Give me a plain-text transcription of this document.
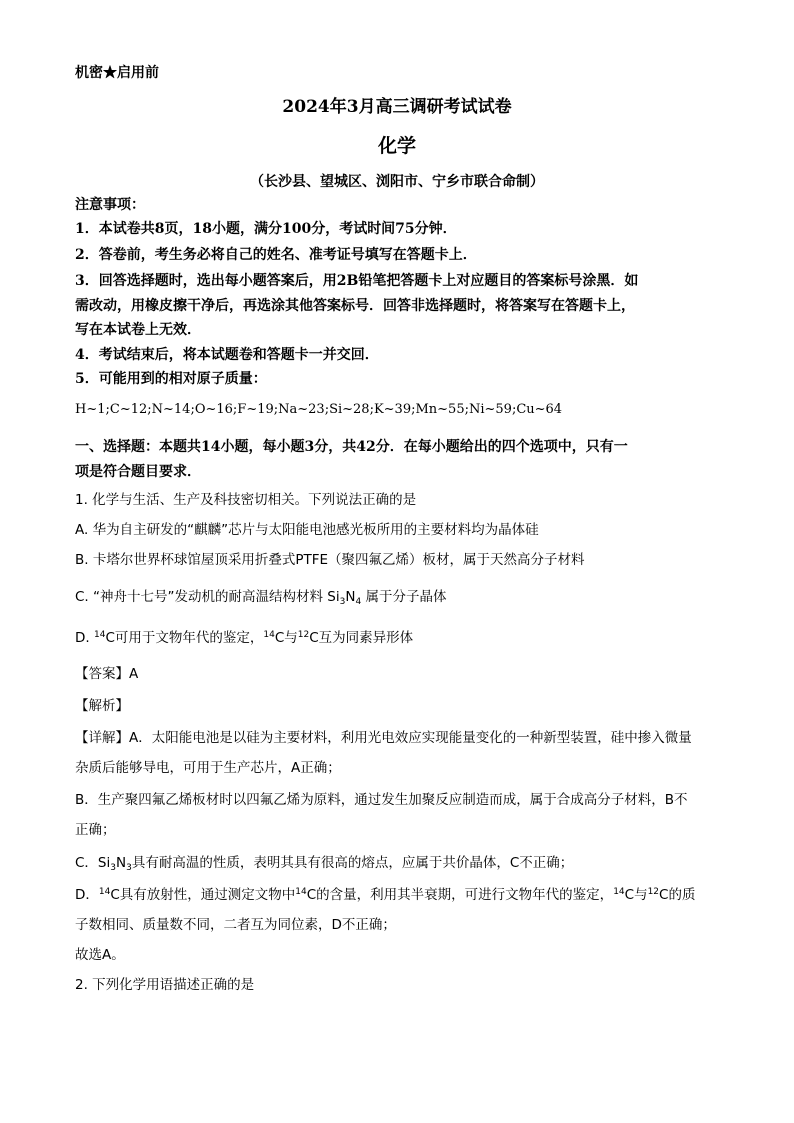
机密★启用前
2024年3月高三调研考试试卷
化学
（长沙县、望城区、浏阳市、宁乡市联合命制）
注意事项：
1．本试卷共8页，18小题，满分100分，考试时间75分钟．
2．答卷前，考生务必将自己的姓名、准考证号填写在答题卡上．
3．回答选择题时，选出每小题答案后，用2B铅笔把答题卡上对应题目的答案标号涂黑．如
需改动，用橡皮擦干净后，再选涂其他答案标号．回答非选择题时，将答案写在答题卡上，
写在本试卷上无效．
4．考试结束后，将本试题卷和答题卡一并交回．
5．可能用到的相对原子质量：
H~1;C~12;N~14;O~16;F~19;Na~23;Si~28;K~39;Mn~55;Ni~59;Cu~64
一、选择题：本题共14小题，每小题3分，共42分．在每小题给出的四个选项中，只有一
项是符合题目要求．
1. 化学与生活、生产及科技密切相关。下列说法正确的是
A. 华为自主研发的“麒麟”芯片与太阳能电池感光板所用的主要材料均为晶体硅
B. 卡塔尔世界杯球馆屋顶采用折叠式PTFE（聚四氟乙烯）板材，属于天然高分子材料
C. “神舟十七号”发动机的耐高温结构材料 $Si_3N_4$ 属于分子晶体
D. $^{14}$C可用于文物年代的鉴定，$^{14}$C与$^{12}$C互为同素异形体
【答案】A
【解析】
【详解】A．太阳能电池是以硅为主要材料，利用光电效应实现能量变化的一种新型装置，硅中掺入微量
杂质后能够导电，可用于生产芯片，A正确；
B．生产聚四氟乙烯板材时以四氟乙烯为原料，通过发生加聚反应制造而成，属于合成高分子材料，B不
正确；
C．$Si_3N_3$具有耐高温的性质，表明其具有很高的熔点，应属于共价晶体，C不正确；
D．$^{14}$C具有放射性，通过测定文物中$^{14}$C的含量，利用其半衰期，可进行文物年代的鉴定，$^{14}$C与$^{12}$C的质
子数相同、质量数不同，二者互为同位素，D不正确；
故选A。
2. 下列化学用语描述正确的是
